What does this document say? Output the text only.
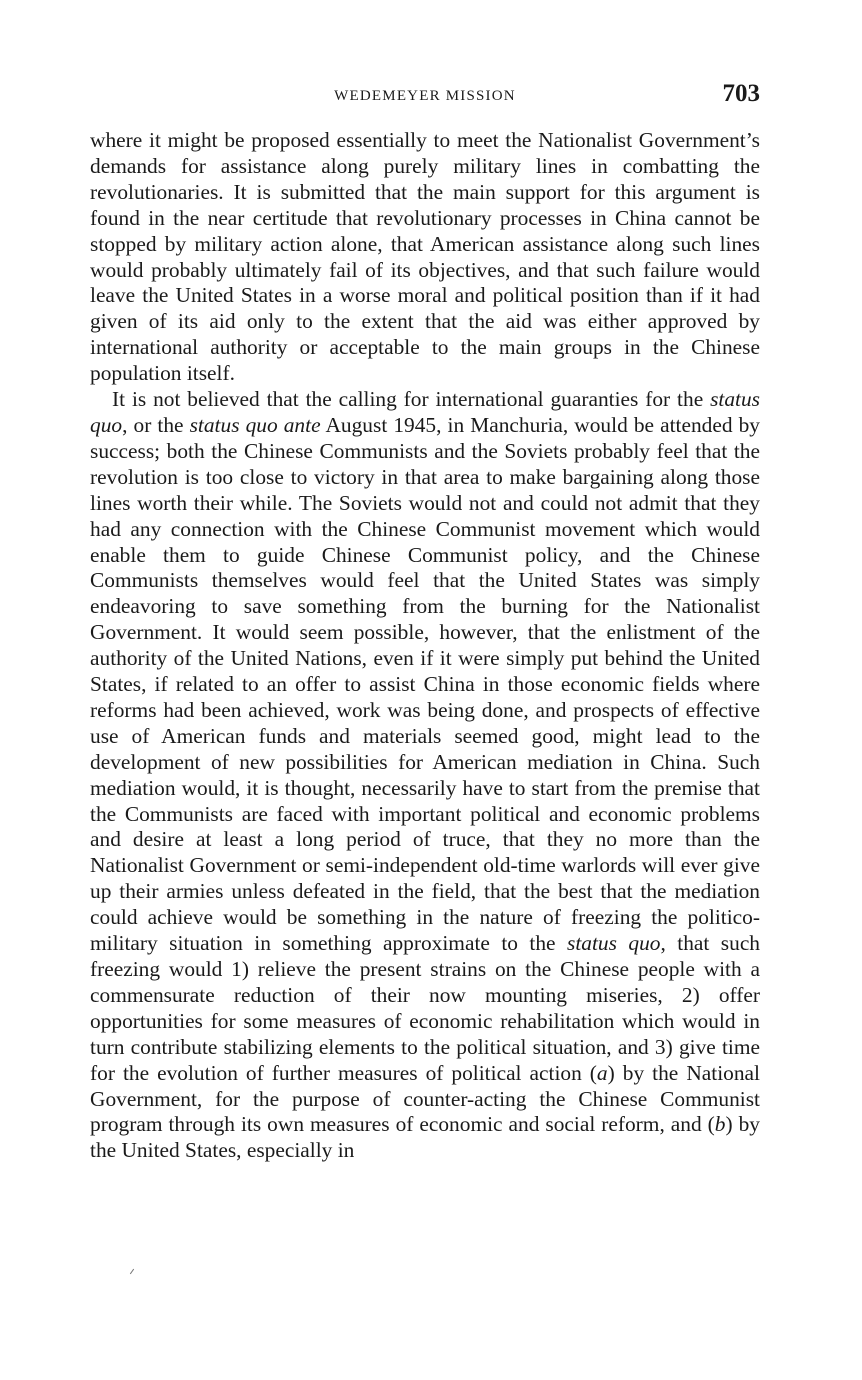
WEDEMEYER MISSION	703

where it might be proposed essentially to meet the Nationalist Government’s demands for assistance along purely military lines in combatting the revolutionaries. It is submitted that the main support for this argument is found in the near certitude that revolutionary processes in China cannot be stopped by military action alone, that American assistance along such lines would probably ultimately fail of its objectives, and that such failure would leave the United States in a worse moral and political position than if it had given of its aid only to the extent that the aid was either approved by international authority or acceptable to the main groups in the Chinese population itself.

It is not believed that the calling for international guaranties for the status quo, or the status quo ante August 1945, in Manchuria, would be attended by success; both the Chinese Communists and the Soviets probably feel that the revolution is too close to victory in that area to make bargaining along those lines worth their while. The Soviets would not and could not admit that they had any connection with the Chinese Communist movement which would enable them to guide Chinese Communist policy, and the Chinese Communists themselves would feel that the United States was simply endeavoring to save something from the burning for the Nationalist Government. It would seem possible, however, that the enlistment of the authority of the United Nations, even if it were simply put behind the United States, if related to an offer to assist China in those economic fields where reforms had been achieved, work was being done, and prospects of effective use of American funds and materials seemed good, might lead to the development of new possibilities for American mediation in China. Such mediation would, it is thought, necessarily have to start from the premise that the Communists are faced with important political and economic problems and desire at least a long period of truce, that they no more than the Nationalist Government or semi-independent old-time warlords will ever give up their armies unless defeated in the field, that the best that the mediation could achieve would be something in the nature of freezing the politico-military situation in something approximate to the status quo, that such freezing would 1) relieve the present strains on the Chinese people with a commensurate reduction of their now mounting miseries, 2) offer opportunities for some measures of economic rehabilitation which would in turn contribute stabilizing elements to the political situation, and 3) give time for the evolution of further measures of political action (a) by the National Government, for the purpose of counter-acting the Chinese Communist program through its own measures of economic and social reform, and (b) by the United States, especially in
